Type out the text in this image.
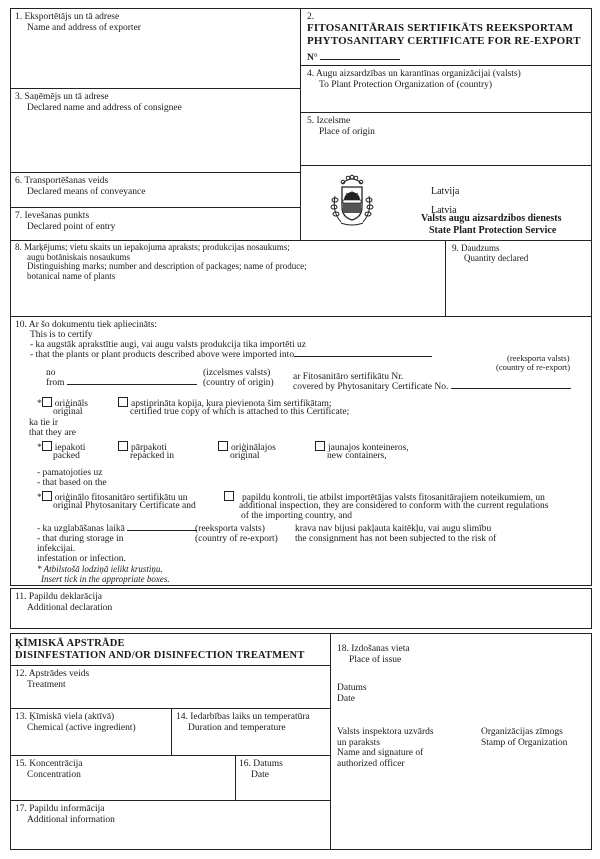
1. Eksportētājs un tā adrese
Name and address of exporter
3. Saņēmējs un tā adrese
Declared name and address of consignee
6. Transportēšanas veids
Declared means of conveyance
7. Ievešanas punkts
Declared point of entry
2.
FITOSANITĀRAIS SERTIFIKĀTS REEKSPORTAM
PHYTOSANITARY CERTIFICATE FOR RE-EXPORT
N°
4. Augu aizsardzības un karantīnas organizācijai (valsts)
To Plant Protection Organization of (country)
5. Izcelsme
Place of origin
Latvija
Latvia
Valsts augu aizsardzibos dienests
State Plant Protection Service
8. Marķējums; vietu skaits un iepakojuma apraksts; produkcijas nosaukums;
augu botāniskais nosaukums
Distinguishing marks; number and description of packages; name of produce;
botanical name of plants
9. Daudzums
Quantity declared
10. Ar šo dokumentu tiek apliecināts:
This is to certify
- ka augstāk aprakstītie augi, vai augu valsts produkcija tika importēti uz
- that the plants or plant products described above were imported into	(reeksporta valsts)
(country of re-export)
no
from
(izcelsmes valsts)
(country of origin)
ar Fitosanitāro sertifikātu Nr.
covered by Phytosanitary Certificate No.
* oriģināls
original
apstiprināta kopija, kura pievienota šim sertifikātam;
certified true copy of which is attached to this Certificate;
ka tie ir
that they are
* iepakoti
packed
pārpakoti
repacked in
oriģinālajos
original
jaunajos konteineros,
new containers,
- pamatojoties uz
- that based on the
* oriģinālo fitosanitāro sertifikātu un
original Phytosanitary Certificate and
papildu kontroli, tie atbilst importētājas valsts fitosanitārajiem noteikumiem, un
additional inspection, they are considered to conform with the current regulations
of the importing country, and
- ka uzglabāšanas laikā
- that during storage in
(reeksporta valsts)
(country of re-export)
krava nav bijusi pakļauta kaitēkļu, vai augu slimību
the consignment has not been subjected to the risk of
infekcijai.
infestation or infection.
* Atbilstošā lodziņā ielikt krustiņu.
Insert tick in the appropriate boxes.
11. Papildu deklarācija
Additional declaration
ĶĪMISKĀ APSTRĀDE
DISINFESTATION AND/OR DISINFECTION TREATMENT
12. Apstrādes veids
Treatment
13. Ķīmiskā viela (aktīvā)
Chemical (active ingredient)
14. Iedarbības laiks un temperatūra
Duration and temperature
15. Koncentrācija
Concentration
16. Datums
Date
17. Papildu informācija
Additional information
18. Izdošanas vieta
Place of issue
Datums
Date
Valsts inspektora uzvārds
un paraksts
Name and signature of
authorized officer
Organizācijas zīmogs
Stamp of Organization
